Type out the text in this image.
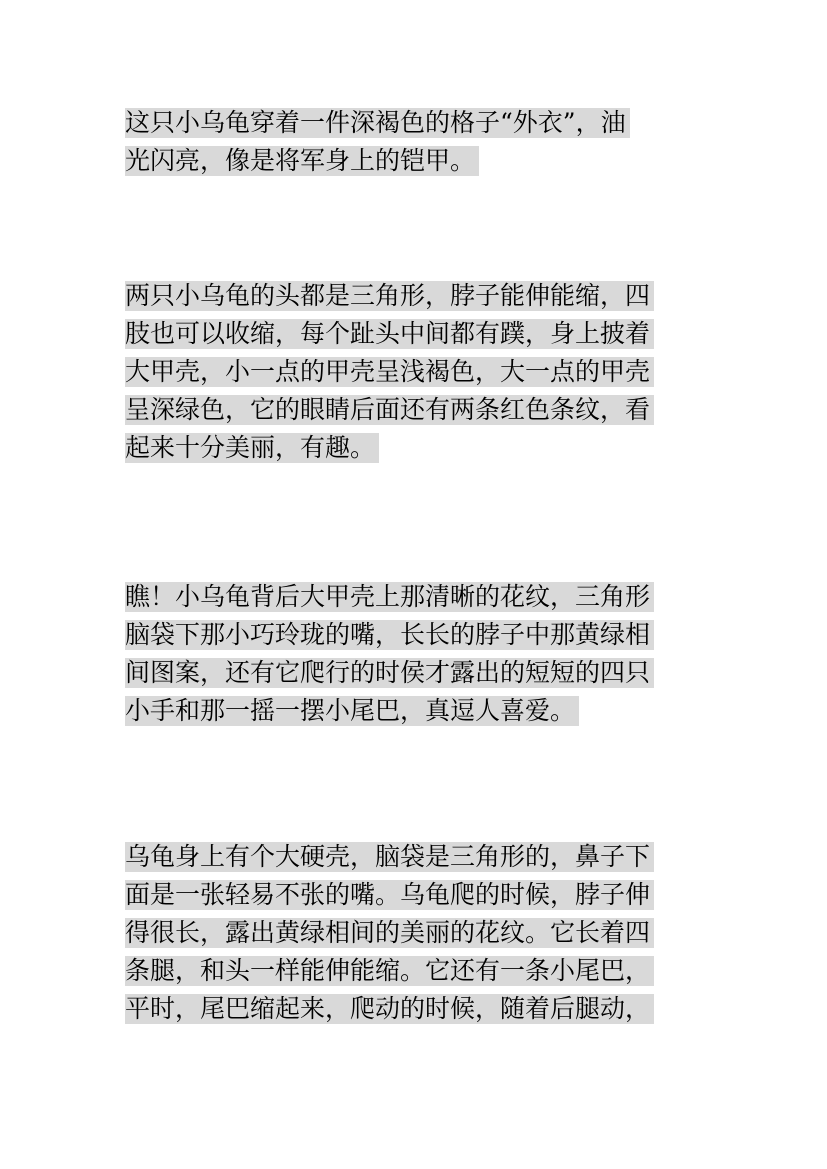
这只小乌龟穿着一件深褐色的格子“外衣”，油
光闪亮，像是将军身上的铠甲。
两只小乌龟的头都是三角形，脖子能伸能缩，四
肢也可以收缩，每个趾头中间都有蹼，身上披着
大甲壳，小一点的甲壳呈浅褐色，大一点的甲壳
呈深绿色，它的眼睛后面还有两条红色条纹，看
起来十分美丽，有趣。
瞧！小乌龟背后大甲壳上那清晰的花纹，三角形
脑袋下那小巧玲珑的嘴，长长的脖子中那黄绿相
间图案，还有它爬行的时侯才露出的短短的四只
小手和那一摇一摆小尾巴，真逗人喜爱。
乌龟身上有个大硬壳，脑袋是三角形的，鼻子下
面是一张轻易不张的嘴。乌龟爬的时候，脖子伸
得很长，露出黄绿相间的美丽的花纹。它长着四
条腿，和头一样能伸能缩。它还有一条小尾巴，
平时，尾巴缩起来，爬动的时候，随着后腿动，
